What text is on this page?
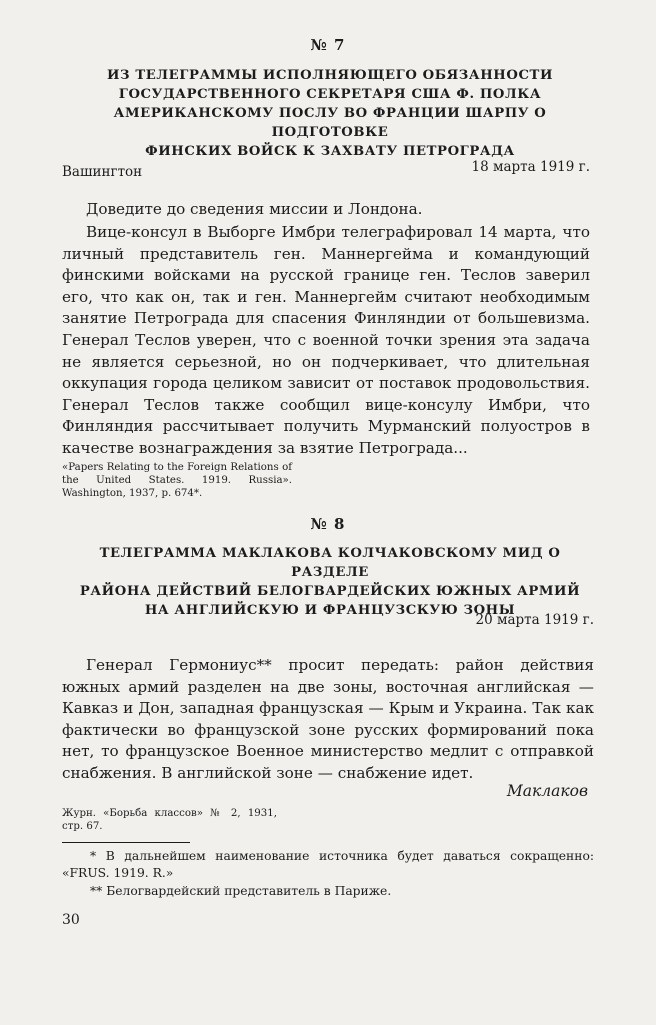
№ 7
ИЗ ТЕЛЕГРАММЫ ИСПОЛНЯЮЩЕГО ОБЯЗАННОСТИ
ГОСУДАРСТВЕННОГО СЕКРЕТАРЯ США Ф. ПОЛКА
АМЕРИКАНСКОМУ ПОСЛУ ВО ФРАНЦИИ ШАРПУ О ПОДГОТОВКЕ
ФИНСКИХ ВОЙСК К ЗАХВАТУ ПЕТРОГРАДА
Вашингтон	18 марта 1919 г.

Доведите до сведения миссии и Лондона.

Вице-консул в Выборге Имбри телеграфировал 14 марта, что личный представитель ген. Маннергейма и командующий финскими войсками на русской границе ген. Теслов заверил его, что как он, так и ген. Маннергейм считают необходимым занятие Петрограда для спасения Финляндии от большевизма. Генерал Теслов уверен, что с военной точки зрения эта задача не является серьезной, но он подчеркивает, что длительная оккупация города целиком зависит от поставок продовольствия. Генерал Теслов также сообщил вице-консулу Имбри, что Финляндия рассчитывает получить Мурманский полуостров в качестве вознаграждения за взятие Петрограда...

«Papers Relating to the Foreign Relations of the United States. 1919. Russia». Washington, 1937, p. 674*.

№ 8
ТЕЛЕГРАММА МАКЛАКОВА КОЛЧАКОВСКОМУ МИД О РАЗДЕЛЕ
РАЙОНА ДЕЙСТВИЙ БЕЛОГВАРДЕЙСКИХ ЮЖНЫХ АРМИЙ
НА АНГЛИЙСКУЮ И ФРАНЦУЗСКУЮ ЗОНЫ
20 марта 1919 г.

Генерал Гермониус** просит передать: район действия южных армий разделен на две зоны, восточная английская — Кавказ и Дон, западная французская — Крым и Украина. Так как фактически во французской зоне русских формирований пока нет, то французское Военное министерство медлит с отправкой снабжения. В английской зоне — снабжение идет.

Маклаков

Журн. «Борьба классов» № 2, 1931, стр. 67.

* В дальнейшем наименование источника будет даваться сокращенно: «FRUS. 1919. R.»

** Белогвардейский представитель в Париже.

30
